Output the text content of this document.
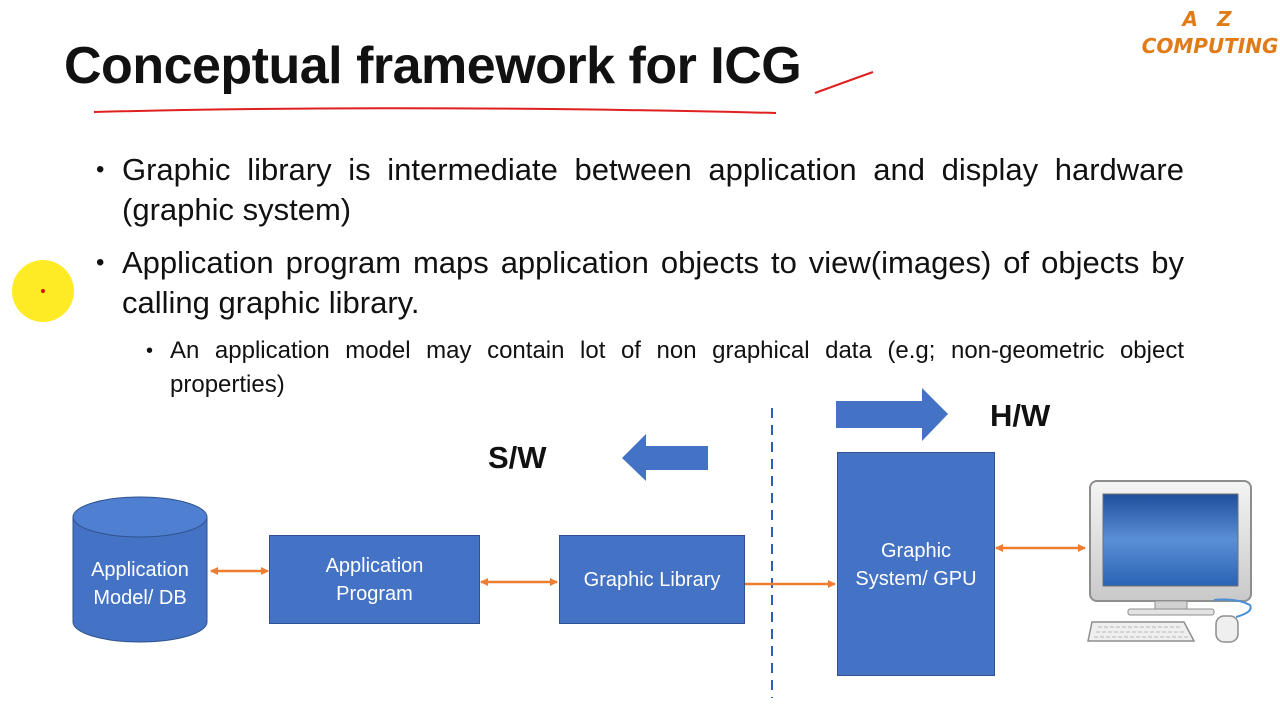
Conceptual framework for ICG
A Z
COMPUTING
• Graphic library is intermediate between application and display hardware (graphic system)
• Application program maps application objects to view(images) of objects by calling graphic library.
• An application model may contain lot of non graphical data (e.g; non-geometric object properties)
Application Program
Graphic Library
Graphic System/ GPU
Application Model/ DB
S/W
H/W
